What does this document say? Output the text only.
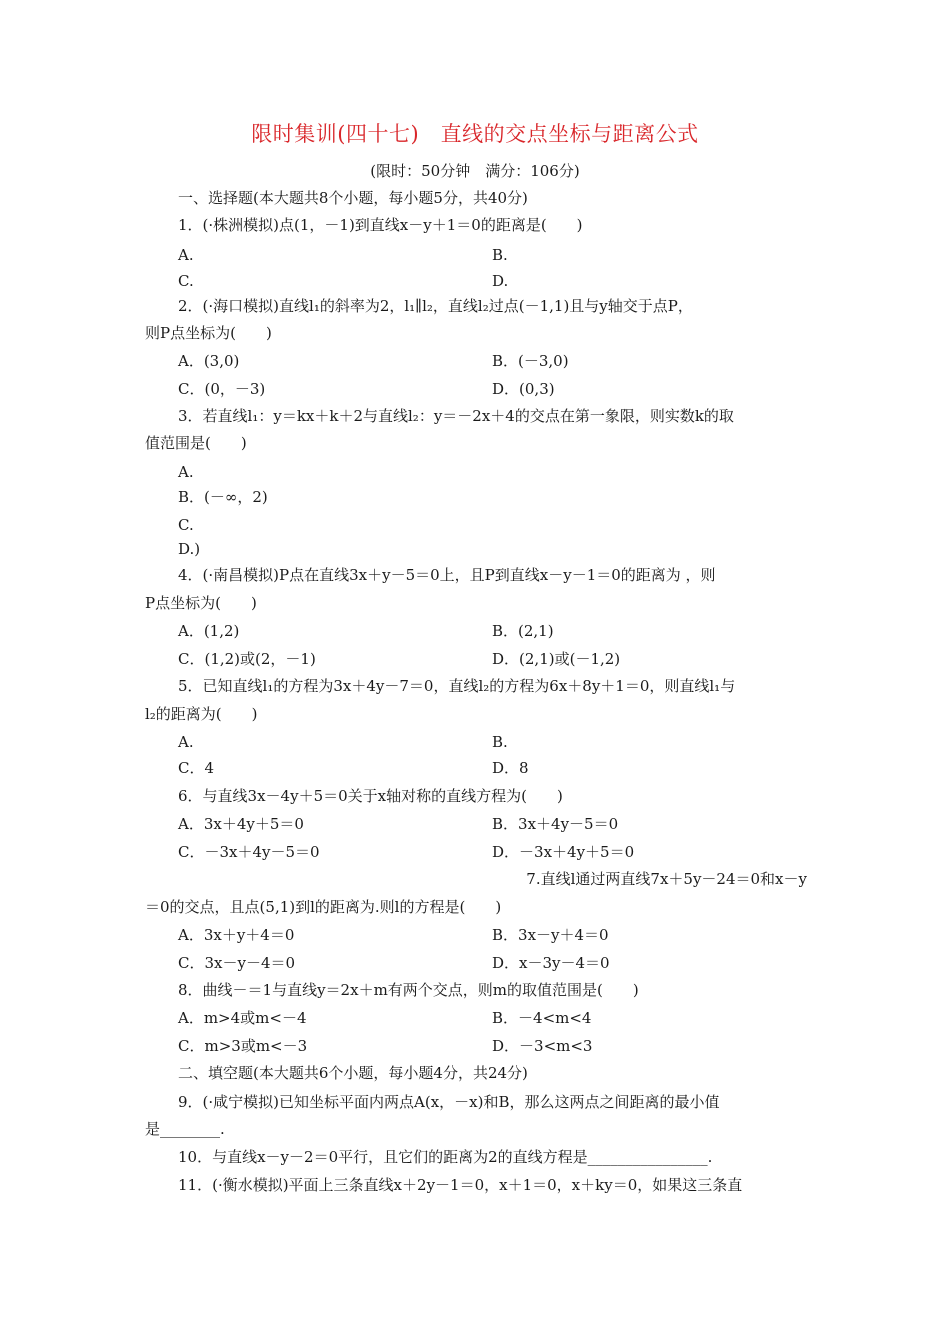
限时集训(四十七)　直线的交点坐标与距离公式
(限时：50分钟　满分：106分)
一、选择题(本大题共8个小题，每小题5分，共40分)
1．(·株洲模拟)点(1，－1)到直线x－y＋1＝0的距离是(　　)
A.	B.
C.	D.
2．(·海口模拟)直线l₁的斜率为2，l₁∥l₂，直线l₂过点(－1,1)且与y轴交于点P，
则P点坐标为(　　)
A．(3,0)	B．(－3,0)
C．(0，－3)	D．(0,3)
3．若直线l₁：y＝kx＋k＋2与直线l₂：y＝－2x＋4的交点在第一象限，则实数k的取
值范围是(　　)
A.
B．(－∞，2)
C.
D.)
4．(·南昌模拟)P点在直线3x＋y－5＝0上，且P到直线x－y－1＝0的距离为 ，则
P点坐标为(　　)
A．(1,2)	B．(2,1)
C．(1,2)或(2，－1)	D．(2,1)或(－1,2)
5．已知直线l₁的方程为3x＋4y－7＝0，直线l₂的方程为6x＋8y＋1＝0，则直线l₁与
l₂的距离为(　　)
A.	B.
C．4	D．8
6．与直线3x－4y＋5＝0关于x轴对称的直线方程为(　　)
A．3x＋4y＋5＝0	B．3x＋4y－5＝0
C．－3x＋4y－5＝0	D．－3x＋4y＋5＝0
7.直线l通过两直线7x＋5y－24＝0和x－y
＝0的交点，且点(5,1)到l的距离为.则l的方程是(　　)
A．3x＋y＋4＝0	B．3x－y＋4＝0
C．3x－y－4＝0	D．x－3y－4＝0
8．曲线－＝1与直线y＝2x＋m有两个交点，则m的取值范围是(　　)
A．m>4或m<－4	B．－4<m<4
C．m>3或m<－3	D．－3<m<3
二、填空题(本大题共6个小题，每小题4分，共24分)
9．(·咸宁模拟)已知坐标平面内两点A(x，－x)和B，那么这两点之间距离的最小值
是________.
10．与直线x－y－2＝0平行，且它们的距离为2的直线方程是________________.
11．(·衡水模拟)平面上三条直线x＋2y－1＝0，x＋1＝0，x＋ky＝0，如果这三条直
